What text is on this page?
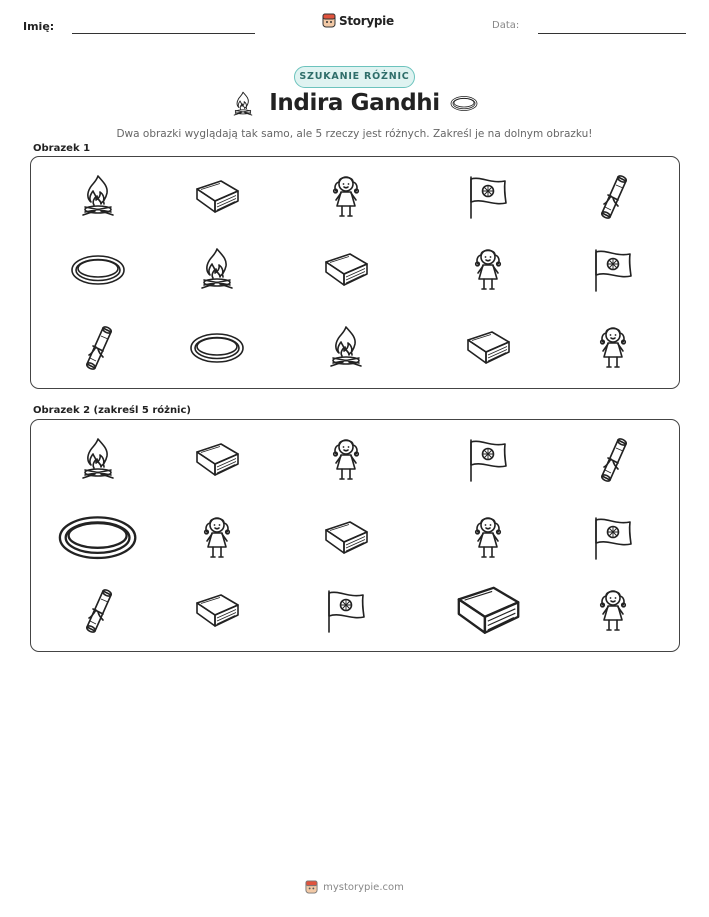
Imię:	Storypie	Data:
SZUKANIE RÓŻNIC
Indira Gandhi
Dwa obrazki wyglądają tak samo, ale 5 rzeczy jest różnych. Zakreśl je na dolnym obrazku!
Obrazek 1
Obrazek 2 (zakreśl 5 różnic)
mystorypie.com
